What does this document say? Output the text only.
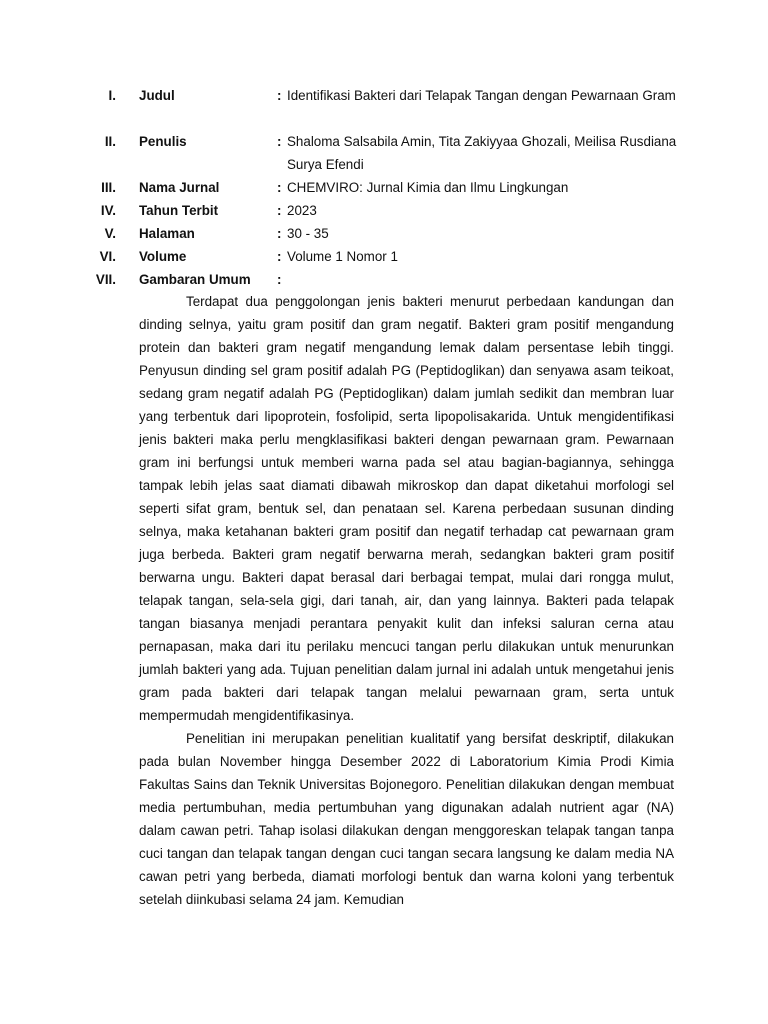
I. Judul	: Identifikasi Bakteri dari Telapak Tangan dengan Pewarnaan Gram
II. Penulis	: Shaloma Salsabila Amin, Tita Zakiyyaa Ghozali, Meilisa Rusdiana Surya Efendi
III. Nama Jurnal	: CHEMVIRO: Jurnal Kimia dan Ilmu Lingkungan
IV. Tahun Terbit	: 2023
V. Halaman	: 30 - 35
VI. Volume	: Volume 1 Nomor 1
VII. Gambaran Umum :

Terdapat dua penggolongan jenis bakteri menurut perbedaan kandungan dan dinding selnya, yaitu gram positif dan gram negatif. Bakteri gram positif mengandung protein dan bakteri gram negatif mengandung lemak dalam persentase lebih tinggi. Penyusun dinding sel gram positif adalah PG (Peptidoglikan) dan senyawa asam teikoat, sedang gram negatif adalah PG (Peptidoglikan) dalam jumlah sedikit dan membran luar yang terbentuk dari lipoprotein, fosfolipid, serta lipopolisakarida. Untuk mengidentifikasi jenis bakteri maka perlu mengklasifikasi bakteri dengan pewarnaan gram. Pewarnaan gram ini berfungsi untuk memberi warna pada sel atau bagian-bagiannya, sehingga tampak lebih jelas saat diamati dibawah mikroskop dan dapat diketahui morfologi sel seperti sifat gram, bentuk sel, dan penataan sel. Karena perbedaan susunan dinding selnya, maka ketahanan bakteri gram positif dan negatif terhadap cat pewarnaan gram juga berbeda. Bakteri gram negatif berwarna merah, sedangkan bakteri gram positif berwarna ungu. Bakteri dapat berasal dari berbagai tempat, mulai dari rongga mulut, telapak tangan, sela-sela gigi, dari tanah, air, dan yang lainnya. Bakteri pada telapak tangan biasanya menjadi perantara penyakit kulit dan infeksi saluran cerna atau pernapasan, maka dari itu perilaku mencuci tangan perlu dilakukan untuk menurunkan jumlah bakteri yang ada. Tujuan penelitian dalam jurnal ini adalah untuk mengetahui jenis gram pada bakteri dari telapak tangan melalui pewarnaan gram, serta untuk mempermudah mengidentifikasinya.

Penelitian ini merupakan penelitian kualitatif yang bersifat deskriptif, dilakukan pada bulan November hingga Desember 2022 di Laboratorium Kimia Prodi Kimia Fakultas Sains dan Teknik Universitas Bojonegoro. Penelitian dilakukan dengan membuat media pertumbuhan, media pertumbuhan yang digunakan adalah nutrient agar (NA) dalam cawan petri. Tahap isolasi dilakukan dengan menggoreskan telapak tangan tanpa cuci tangan dan telapak tangan dengan cuci tangan secara langsung ke dalam media NA cawan petri yang berbeda, diamati morfologi bentuk dan warna koloni yang terbentuk setelah diinkubasi selama 24 jam. Kemudian
